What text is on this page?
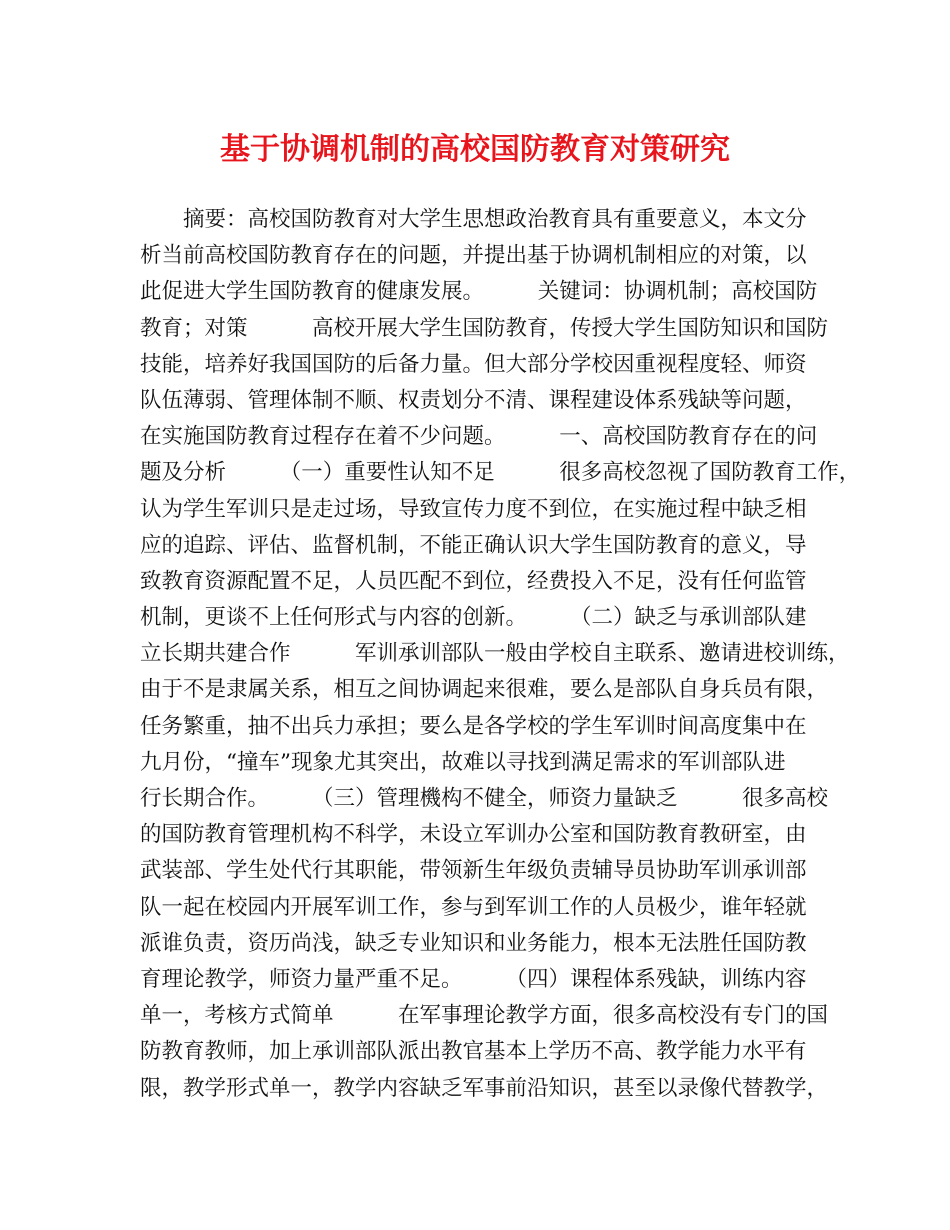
基于协调机制的高校国防教育对策研究
　　摘要：高校国防教育对大学生思想政治教育具有重要意义，本文分
析当前高校国防教育存在的问题，并提出基于协调机制相应的对策，以
此促进大学生国防教育的健康发展。　　　关键词：协调机制；高校国防
教育；对策　　　高校开展大学生国防教育，传授大学生国防知识和国防
技能，培养好我国国防的后备力量。但大部分学校因重视程度轻、师资
队伍薄弱、管理体制不顺、权责划分不清、课程建设体系残缺等问题，
在实施国防教育过程存在着不少问题。　　　一、高校国防教育存在的问
题及分析　　　（一）重要性认知不足　　　很多高校忽视了国防教育工作，
认为学生军训只是走过场，导致宣传力度不到位，在实施过程中缺乏相
应的追踪、评估、监督机制，不能正确认识大学生国防教育的意义，导
致教育资源配置不足，人员匹配不到位，经费投入不足，没有任何监管
机制，更谈不上任何形式与内容的创新。　　　（二）缺乏与承训部队建
立长期共建合作　　　军训承训部队一般由学校自主联系、邀请进校训练，
由于不是隶属关系，相互之间协调起来很难，要么是部队自身兵员有限，
任务繁重，抽不出兵力承担；要么是各学校的学生军训时间高度集中在
九月份，“撞车”现象尤其突出，故难以寻找到满足需求的军训部队进
行长期合作。　　　（三）管理機构不健全，师资力量缺乏　　　很多高校
的国防教育管理机构不科学，未设立军训办公室和国防教育教研室，由
武装部、学生处代行其职能，带领新生年级负责辅导员协助军训承训部
队一起在校园内开展军训工作，参与到军训工作的人员极少，谁年轻就
派谁负责，资历尚浅，缺乏专业知识和业务能力，根本无法胜任国防教
育理论教学，师资力量严重不足。　　　（四）课程体系残缺，训练内容
单一，考核方式简单　　　在军事理论教学方面，很多高校没有专门的国
防教育教师，加上承训部队派出教官基本上学历不高、教学能力水平有
限，教学形式单一，教学内容缺乏军事前沿知识，甚至以录像代替教学，
